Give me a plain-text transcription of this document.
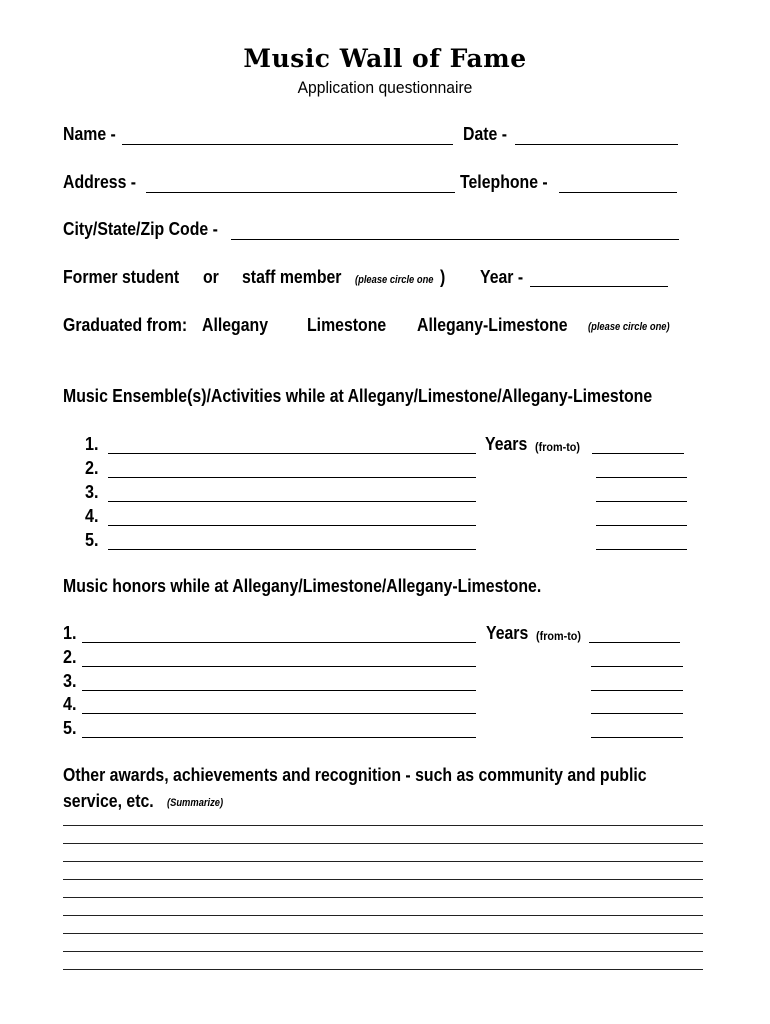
Music Wall of Fame
Application questionnaire
Name -	Date -
Address -	Telephone -
City/State/Zip Code -
Former student or staff member (please circle one ) Year -
Graduated from: Allegany Limestone Allegany-Limestone (please circle one)
Music Ensemble(s)/Activities while at Allegany/Limestone/Allegany-Limestone
1.
2.
3.
4.
5.
Years (from-to)
Music honors while at Allegany/Limestone/Allegany-Limestone.
1.
2.
3.
4.
5.
Years (from-to)
Other awards, achievements and recognition - such as community and public
service, etc. (Summarize)
